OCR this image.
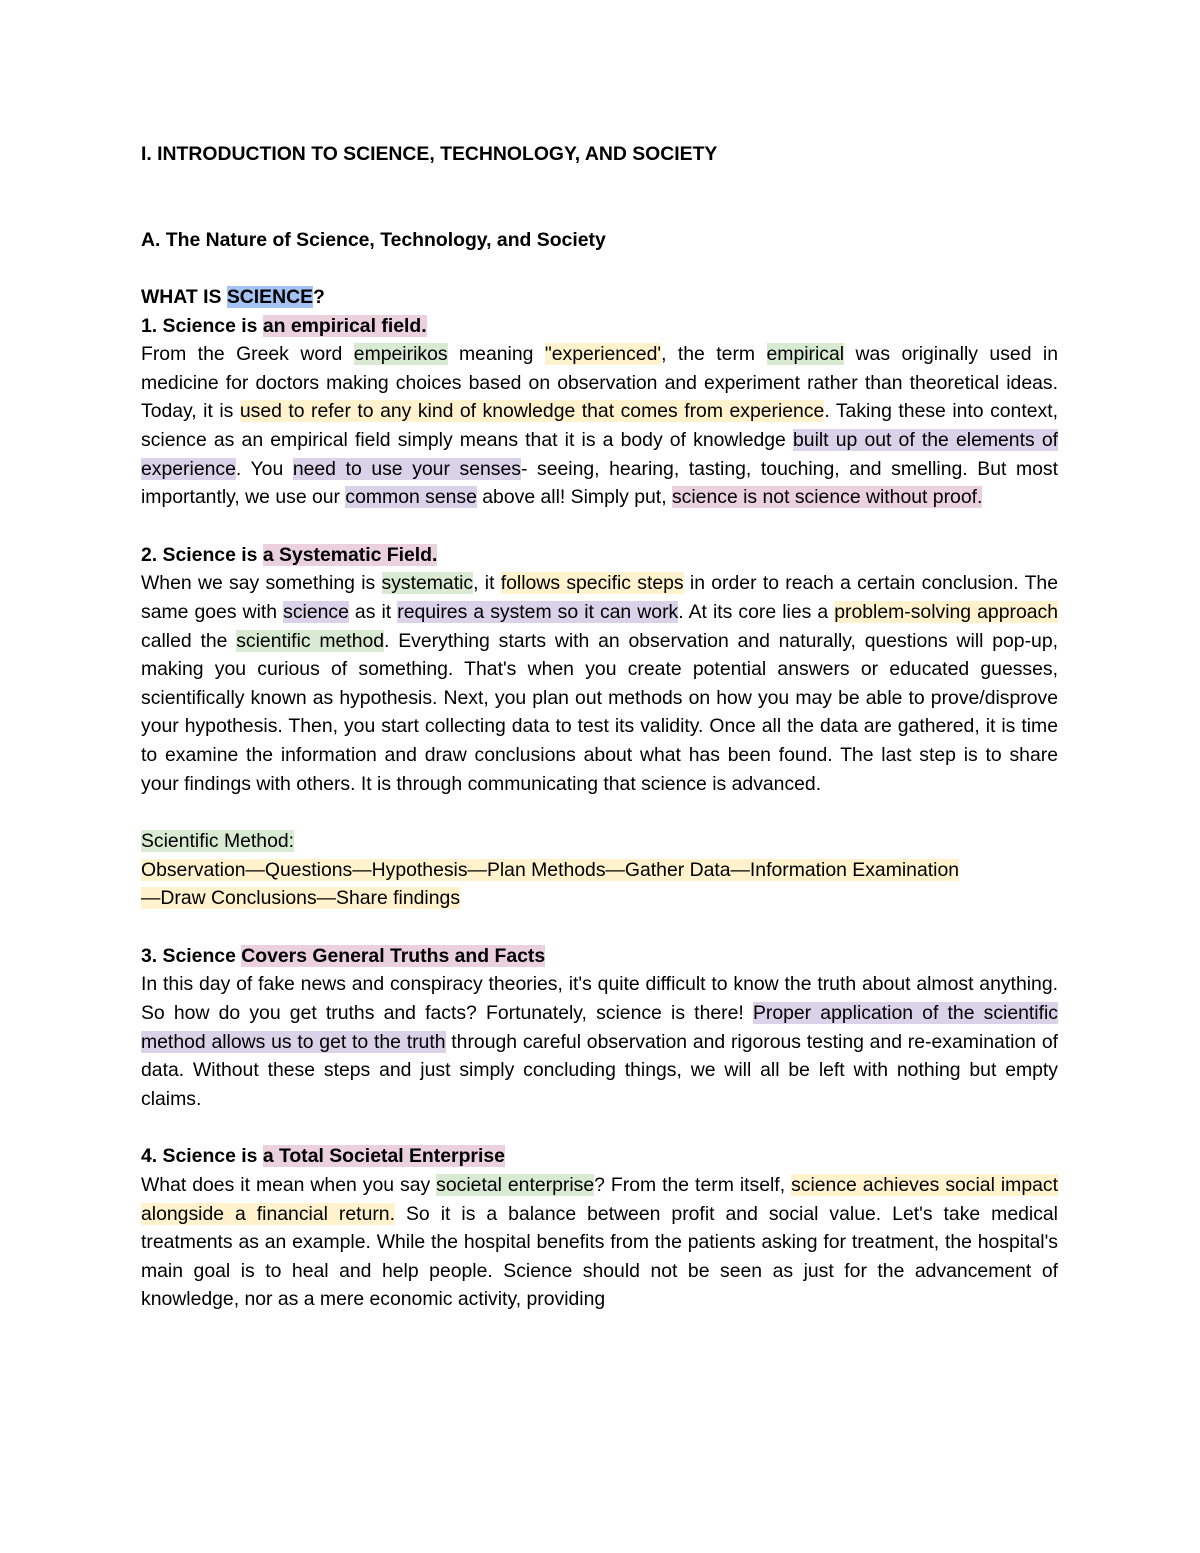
I. INTRODUCTION TO SCIENCE, TECHNOLOGY, AND SOCIETY
A. The Nature of Science, Technology, and Society
WHAT IS SCIENCE?
1. Science is an empirical field.

From the Greek word empeirikos meaning "experienced', the term empirical was originally used in medicine for doctors making choices based on observation and experiment rather than theoretical ideas. Today, it is used to refer to any kind of knowledge that comes from experience. Taking these into context, science as an empirical field simply means that it is a body of knowledge built up out of the elements of experience. You need to use your senses- seeing, hearing, tasting, touching, and smelling. But most importantly, we use our common sense above all! Simply put, science is not science without proof.

2. Science is a Systematic Field.

When we say something is systematic, it follows specific steps in order to reach a certain conclusion. The same goes with science as it requires a system so it can work. At its core lies a problem-solving approach called the scientific method. Everything starts with an observation and naturally, questions will pop-up, making you curious of something. That's when you create potential answers or educated guesses, scientifically known as hypothesis. Next, you plan out methods on how you may be able to prove/disprove your hypothesis. Then, you start collecting data to test its validity. Once all the data are gathered, it is time to examine the information and draw conclusions about what has been found. The last step is to share your findings with others. It is through communicating that science is advanced.

Scientific Method:
Observation—Questions—Hypothesis—Plan Methods—Gather Data—Information Examination
—Draw Conclusions—Share findings
3. Science Covers General Truths and Facts

In this day of fake news and conspiracy theories, it's quite difficult to know the truth about almost anything. So how do you get truths and facts? Fortunately, science is there! Proper application of the scientific method allows us to get to the truth through careful observation and rigorous testing and re-examination of data. Without these steps and just simply concluding things, we will all be left with nothing but empty claims.

4. Science is a Total Societal Enterprise

What does it mean when you say societal enterprise? From the term itself, science achieves social impact alongside a financial return. So it is a balance between profit and social value. Let's take medical treatments as an example. While the hospital benefits from the patients asking for treatment, the hospital's main goal is to heal and help people. Science should not be seen as just for the advancement of knowledge, nor as a mere economic activity, providing
